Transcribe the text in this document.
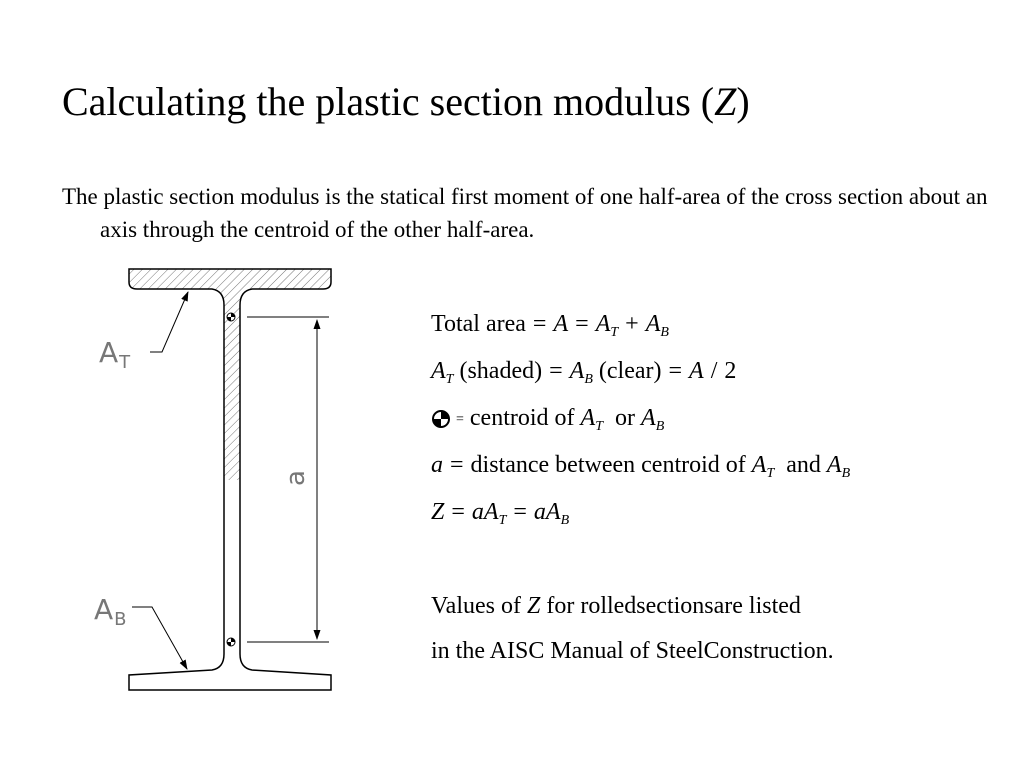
Calculating the plastic section modulus (Z)
The plastic section modulus is the statical first moment of one half-area of the cross section about an axis through the centroid of the other half-area.
$A_T$
$A_B$
a
Total area = $A = A_T + A_B$
$A_T$ (shaded) = $A_B$ (clear) = A / 2
= centroid of $A_T$ or $A_B$
a = distance between centroid of $A_T$ and $A_B$
$Z = aA_T = aA_B$
Values of Z for rolledsectionsare listed
in the AISC Manual of SteelConstruction.
